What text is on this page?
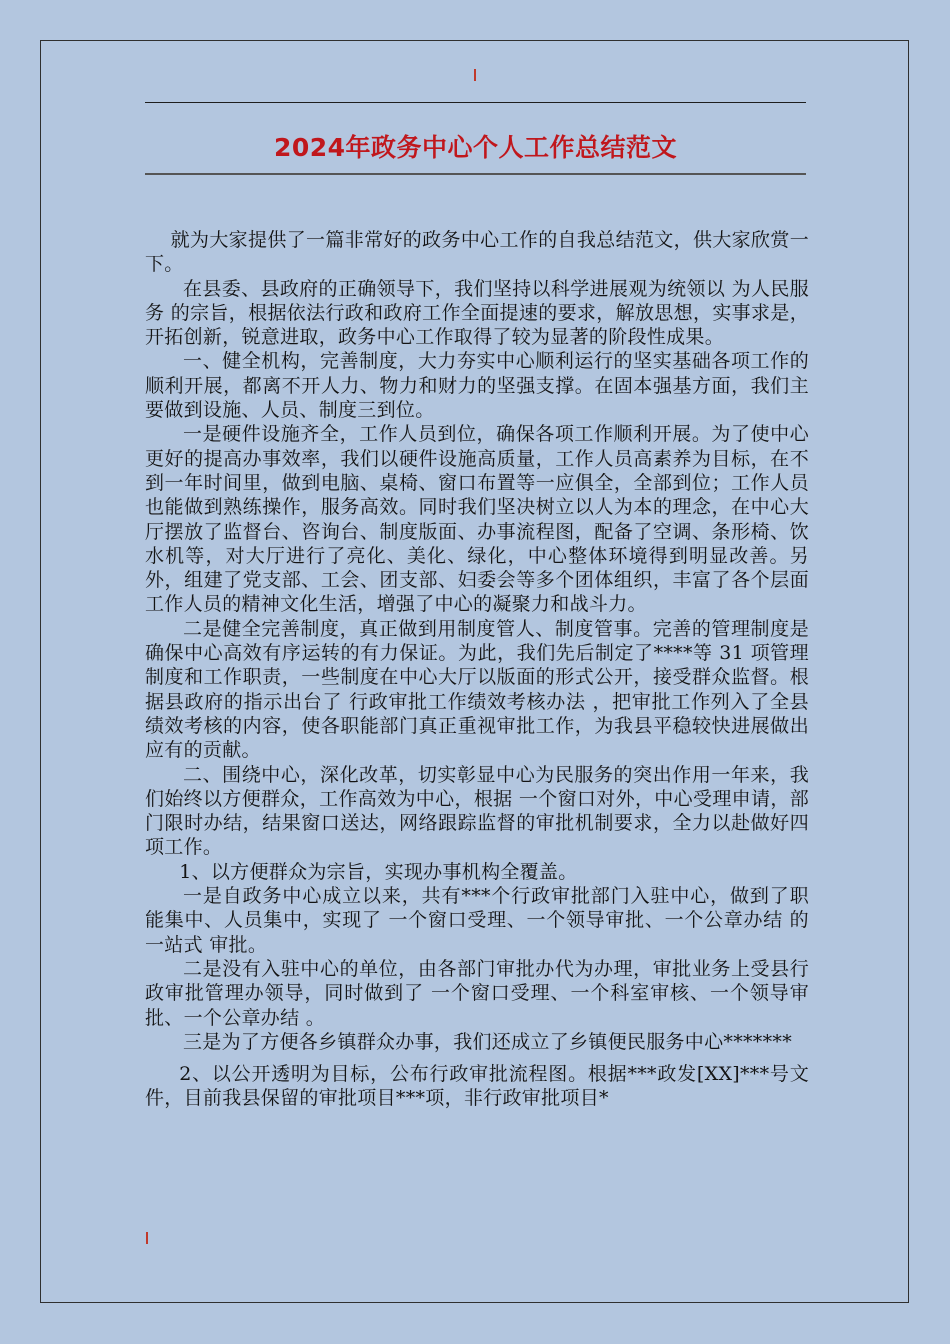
2024年政务中心个人工作总结范文

就为大家提供了一篇非常好的政务中心工作的自我总结范文，供大家欣赏一下。

在县委、县政府的正确领导下，我们坚持以科学进展观为统领以 为人民服务 的宗旨，根据依法行政和政府工作全面提速的要求，解放思想，实事求是，开拓创新，锐意进取，政务中心工作取得了较为显著的阶段性成果。

一、健全机构，完善制度，大力夯实中心顺利运行的坚实基础各项工作的顺利开展，都离不开人力、物力和财力的坚强支撑。在固本强基方面，我们主要做到设施、人员、制度三到位。

一是硬件设施齐全，工作人员到位，确保各项工作顺利开展。为了使中心更好的提高办事效率，我们以硬件设施高质量，工作人员高素养为目标，在不到一年时间里，做到电脑、桌椅、窗口布置等一应俱全，全部到位；工作人员也能做到熟练操作，服务高效。同时我们坚决树立以人为本的理念，在中心大厅摆放了监督台、咨询台、制度版面、办事流程图，配备了空调、条形椅、饮水机等，对大厅进行了亮化、美化、绿化，中心整体环境得到明显改善。另外，组建了党支部、工会、团支部、妇委会等多个团体组织，丰富了各个层面工作人员的精神文化生活，增强了中心的凝聚力和战斗力。

二是健全完善制度，真正做到用制度管人、制度管事。完善的管理制度是确保中心高效有序运转的有力保证。为此，我们先后制定了****等 31 项管理制度和工作职责，一些制度在中心大厅以版面的形式公开，接受群众监督。根据县政府的指示出台了 行政审批工作绩效考核办法 ，把审批工作列入了全县绩效考核的内容，使各职能部门真正重视审批工作，为我县平稳较快进展做出应有的贡献。

二、围绕中心，深化改革，切实彰显中心为民服务的突出作用一年来，我们始终以方便群众，工作高效为中心，根据 一个窗口对外，中心受理申请，部门限时办结，结果窗口送达，网络跟踪监督的审批机制要求，全力以赴做好四项工作。

1、以方便群众为宗旨，实现办事机构全覆盖。

一是自政务中心成立以来，共有***个行政审批部门入驻中心，做到了职能集中、人员集中，实现了 一个窗口受理、一个领导审批、一个公章办结 的 一站式 审批。

二是没有入驻中心的单位，由各部门审批办代为办理，审批业务上受县行政审批管理办领导，同时做到了 一个窗口受理、一个科室审核、一个领导审批、一个公章办结 。

三是为了方便各乡镇群众办事，我们还成立了乡镇便民服务中心*******

2、以公开透明为目标，公布行政审批流程图。根据***政发[XX]***号文件，目前我县保留的审批项目***项，非行政审批项目*
